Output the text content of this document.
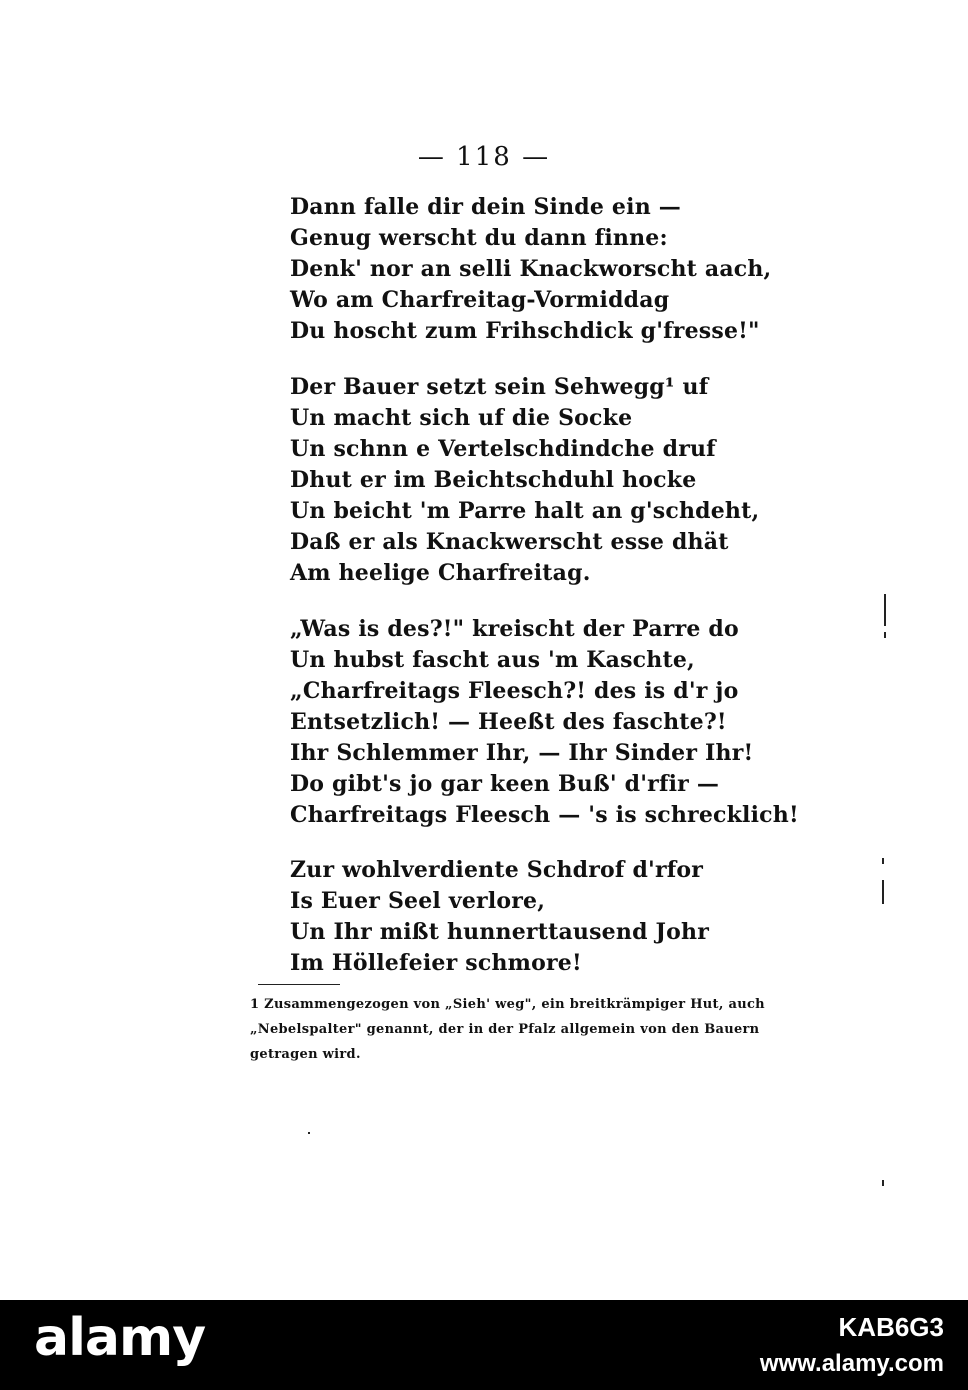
— 118 —
Dann falle dir dein Sinde ein —
Genug werscht du dann finne:
Denk' nor an selli Knackworscht aach,
Wo am Charfreitag-Vormiddag
Du hoscht zum Frihschdick g'fresse!"
Der Bauer setzt sein Sehwegg¹ uf
Un macht sich uf die Socke
Un schnn e Vertelschdindche druf
Dhut er im Beichtschduhl hocke
Un beicht 'm Parre halt an g'schdeht,
Daß er als Knackwerscht esse dhät
Am heelige Charfreitag.
„Was is des?!" kreischt der Parre do
Un hubst fascht aus 'm Kaschte,
„Charfreitags Fleesch?! des is d'r jo
Entsetzlich! — Heeßt des faschte?!
Ihr Schlemmer Ihr, — Ihr Sinder Ihr!
Do gibt's jo gar keen Buß' d'rfir —
Charfreitags Fleesch — 's is schrecklich!
Zur wohlverdiente Schdrof d'rfor
Is Euer Seel verlore,
Un Ihr mißt hunnerttausend Johr
Im Höllefeier schmore!
1 Zusammengezogen von „Sieh' weg", ein breitkrämpiger Hut, auch
„Nebelspalter" genannt, der in der Pfalz allgemein von den Bauern
getragen wird.
alamy	KAB6G3
www.alamy.com
